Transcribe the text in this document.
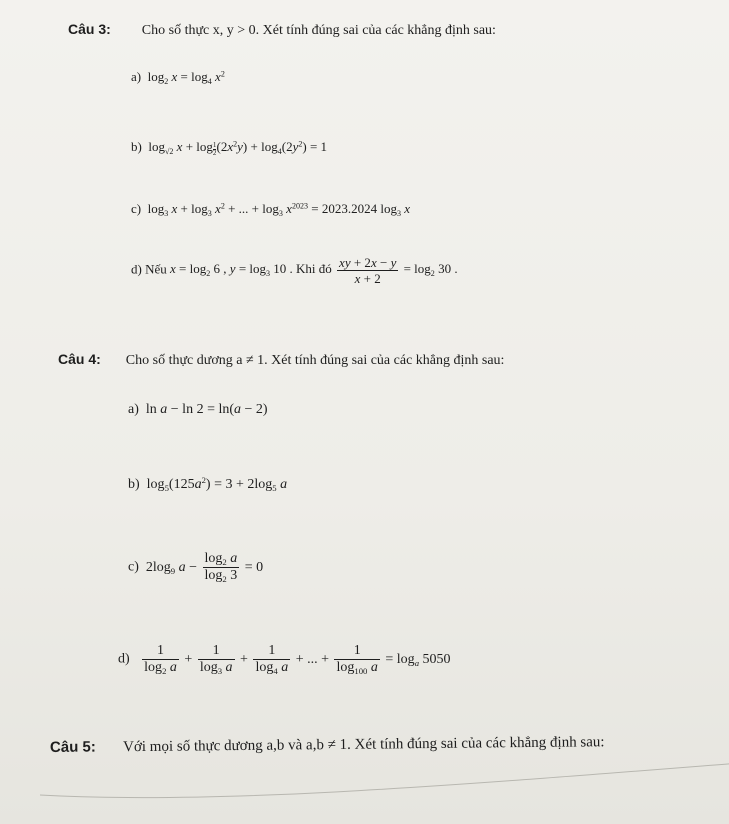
Câu 3: Cho số thực x, y > 0. Xét tính đúng sai của các khẳng định sau:
a)  $\log_2 x = \log_4 x^2$
b)  $\log_{√2} x + \log \frac{1}{2} (2x^2y) + \log_4(2y^2) = 1$
c)  $\log_3 x + \log_3 x^2$ + ... + $\log_3 x^{2023} = 2023.2024$ $\log_3 x$
d) Nếu $x = \log_2 6$ , $y = \log_3 10$ . Khi đó $\frac{xy + 2x - y}{x + 2} = \log_2 30$ .
Câu 4: Cho số thực dương a ≠ 1. Xét tính đúng sai của các khẳng định sau:
a)  ln a − ln 2 = ln(a − 2)
b)  $\log_5(125a^2) = 3 + 2\log_5$ a
c)  $2\log_9$ $a - \frac{\log_2 a}{\log_2 3} = 0$
$d) \frac{1}{\log_2 a} + \frac{1}{\log_3 a} + \frac{1}{\log_4 a}$ + ... + $\frac{1}{\log_{100} a} = \log_a 5050$
Câu 5: Với mọi số thực dương a,b và a,b ≠ 1. Xét tính đúng sai của các khẳng định sau:
